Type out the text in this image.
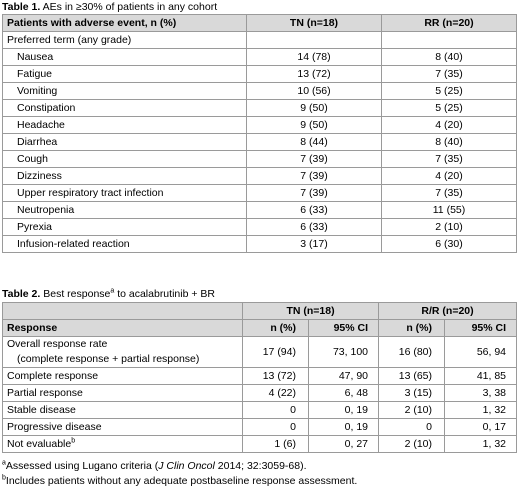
Table 1. AEs in ≥30% of patients in any cohort
Patients with adverse event, n (%)	TN (n=18)	RR (n=20)
Preferred term (any grade)		
Nausea	14 (78)	8 (40)
Fatigue	13 (72)	7 (35)
Vomiting	10 (56)	5 (25)
Constipation	9 (50)	5 (25)
Headache	9 (50)	4 (20)
Diarrhea	8 (44)	8 (40)
Cough	7 (39)	7 (35)
Dizziness	7 (39)	4 (20)
Upper respiratory tract infection	7 (39)	7 (35)
Neutropenia	6 (33)	11 (55)
Pyrexia	6 (33)	2 (10)
Infusion-related reaction	3 (17)	6 (30)
Table 2. Best response$^a$ to acalabrutinib + BR
	TN (n=18)		R/R (n=20)	
Response	n (%)	95% CI	n (%)	95% CI

Overall response rate
(complete response + partial response)	17 (94)	73, 100	16 (80)	56, 94
Complete response	13 (72)	47, 90	13 (65)	41, 85
Partial response	4 (22)	6, 48	3 (15)	3, 38
Stable disease	0	0, 19	2 (10)	1, 32
Progressive disease	0	0, 19	0	0, 17
Not evaluable$^b$	1 (6)	0, 27	2 (10)	1, 32
$^a$Assessed using Lugano criteria (J Clin Oncol 2014; 32:3059-68).
$^b$Includes patients without any adequate postbaseline response assessment.
